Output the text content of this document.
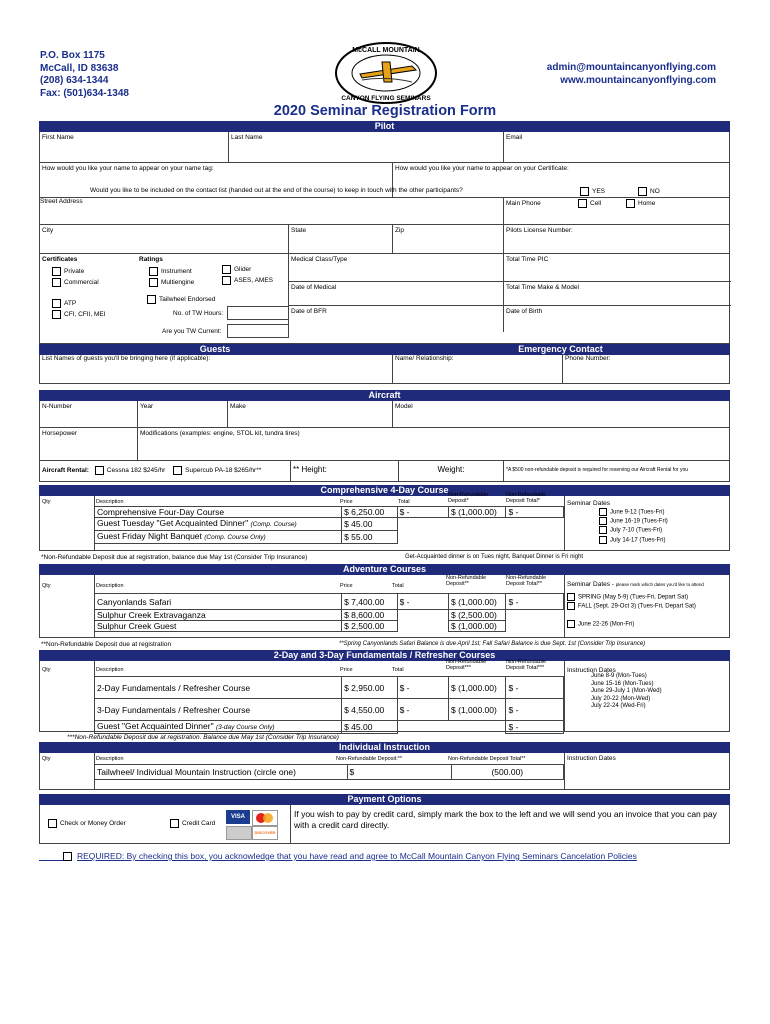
P.O. Box 1175
McCall, ID 83638
(208) 634-1344
Fax: (501)634-1348
McCALL MOUNTAIN
CANYON FLYING SEMINARS
admin@mountaincanyonflying.com
www.mountaincanyonflying.com
2020 Seminar Registration Form
Pilot
First Name	Last Name	Email
How would you like your name to appear on your name tag:	How would you like your name to appear on your Certificate:
Street Address
Would you like to be included on the contact list (handed out at the end of the course) to keep in touch with the other participants?	YES	NO
Main Phone	Cell	Home
City	State	Zip	Pilots License Number:
Certificates
Private
Commercial
ATP
CFI, CFII, MEI
Ratings
Instrument
Multiengine
Glider
ASES, AMES
Tailwheel Endorsed
No. of TW Hours:
Are you TW Current:
Medical Class/Type	Total Time PIC
Date of Medical	Total Time Make & Model
Date of BFR	Date of Birth
Guests	Emergency Contact
List Names of guests you'll be bringing here (if applicable):	Name/ Relationship:	Phone Number:
Aircraft
N-Number	Year	Make	Model
Horsepower	Modifications (examples: engine, STOL kit, tundra tires)
Aircraft Rental:	Cessna 182 $245/hr	Supercub PA-18 $265/hr**	** Height:	Weight:	*A $500 non-refundable deposit is required for reserving our Aircraft Rental for you
Comprehensive 4-Day Course
Qty	Description	Price	Total
Non-Refundable Deposit*
Non-Refundable Deposit Total*	Seminar Dates
June 9-12 (Tues-Fri)
June 16-19 (Tues-Fri)
July 7-10 (Tues-Fri)
July 14-17 (Tues-Fri)
Comprehensive Four-Day Course	$ 6,250.00	$ -	$ (1,000.00)	$ -
Guest Tuesday "Get Acquainted Dinner" (Comp. Course)	$ 45.00			
Guest Friday Night Banquet (Comp. Course Only)	$ 55.00			
*Non-Refundable Deposit due at registration, balance due May 1st (Consider Trip Insurance)	Get-Acquainted dinner is on Tues night, Banquet Dinner is Fri night
Adventure Courses
Qty	Description	Price	Total
Non-Refundable Deposit**
Non-Refundable Deposit Total**	Seminar Dates - please mark which dates you'd like to attend
SPRING (May 5-9) (Tues-Fri, Depart Sat)
FALL (Sept. 29-Oct 3) (Tues-Fri, Depart Sat)
June 22-26 (Mon-Fri)
Canyonlands Safari	$ 7,400.00	$ -	$ (1,000.00)	$ -
Sulphur Creek Extravaganza	$ 8,600.00		$ (2,500.00)	
Sulphur Creek Guest	$ 2,500.00		$ (1,000.00)	
**Non-Refundable Deposit due at registration	**Spring Canyonlands Safari Balance is due April 1st; Fall Safari Balance is due Sept. 1st (Consider Trip Insurance)
2-Day and 3-Day Fundamentals / Refresher Courses
Qty	Description	Price	Total
Non-Refundable Deposit***
Non-Refundable Deposit Total***	Instruction Dates
June 8-9 (Mon-Tues)
June 15-16 (Mon-Tues)
June 29-July 1 (Mon-Wed)
July 20-22 (Mon-Wed)
July 22-24 (Wed-Fri)
2-Day Fundamentals / Refresher Course	$ 2,950.00	$ -	$ (1,000.00)	$ -
3-Day Fundamentals / Refresher Course	$ 4,550.00	$ -	$ (1,000.00)	$ -
Guest "Get Acquainted Dinner" (3-day Course Only)	$ 45.00			$ -
***Non-Refundable Deposit due at registration. Balance due May 1st (Consider Trip Insurance)
Individual Instruction
Qty	Description	Non-Refundable Deposit:**	Non-Refundable Deposit Total**	Instruction Dates
Tailwheel/ Individual Mountain Instruction (circle one)	$	(500.00)
Payment Options
Check or Money Order	Credit Card
VISA
DISCOVER
If you wish to pay by credit card, simply mark the box to the left and we will send you an invoice that you can pay with a credit card directly.
REQUIRED: By checking this box, you acknowledge that you have read and agree to McCall Mountain Canyon Flying Seminars Cancelation Policies
